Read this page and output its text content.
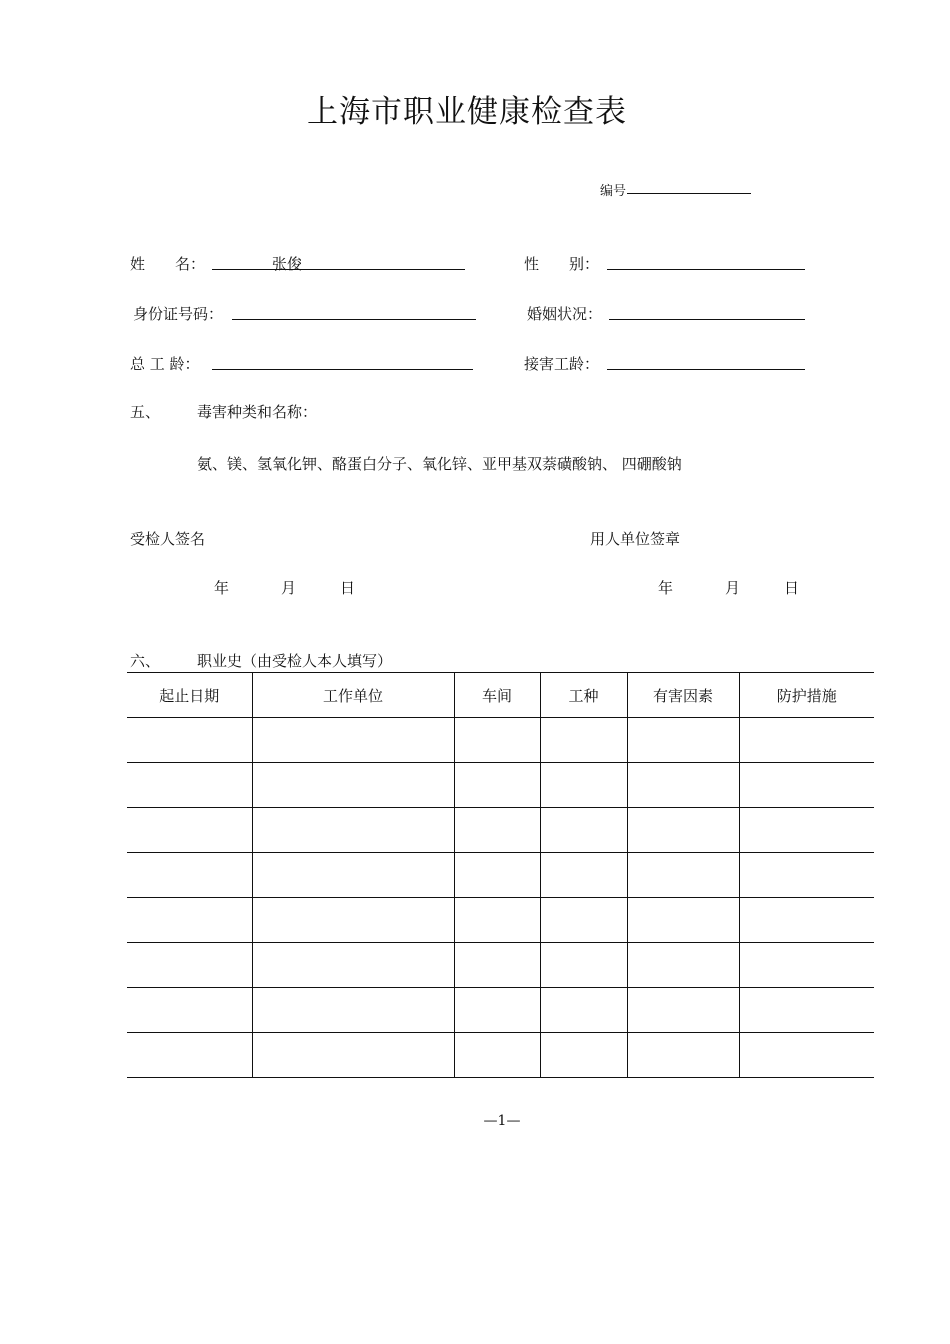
上海市职业健康检查表
编号
姓　　名：	张俊	性　　别：
身份证号码：	婚姻状况：
总 工 龄：	接害工龄：
五、 毒害种类和名称：
氨、镁、氢氧化钾、酪蛋白分子、氧化锌、亚甲基双萘磺酸钠、 四硼酸钠
受检人签名	用人单位签章
年	月	日	年	月	日
六、 职业史（由受检人本人填写）
起止日期	工作单位	车间	工种	有害因素	防护措施

—1—
